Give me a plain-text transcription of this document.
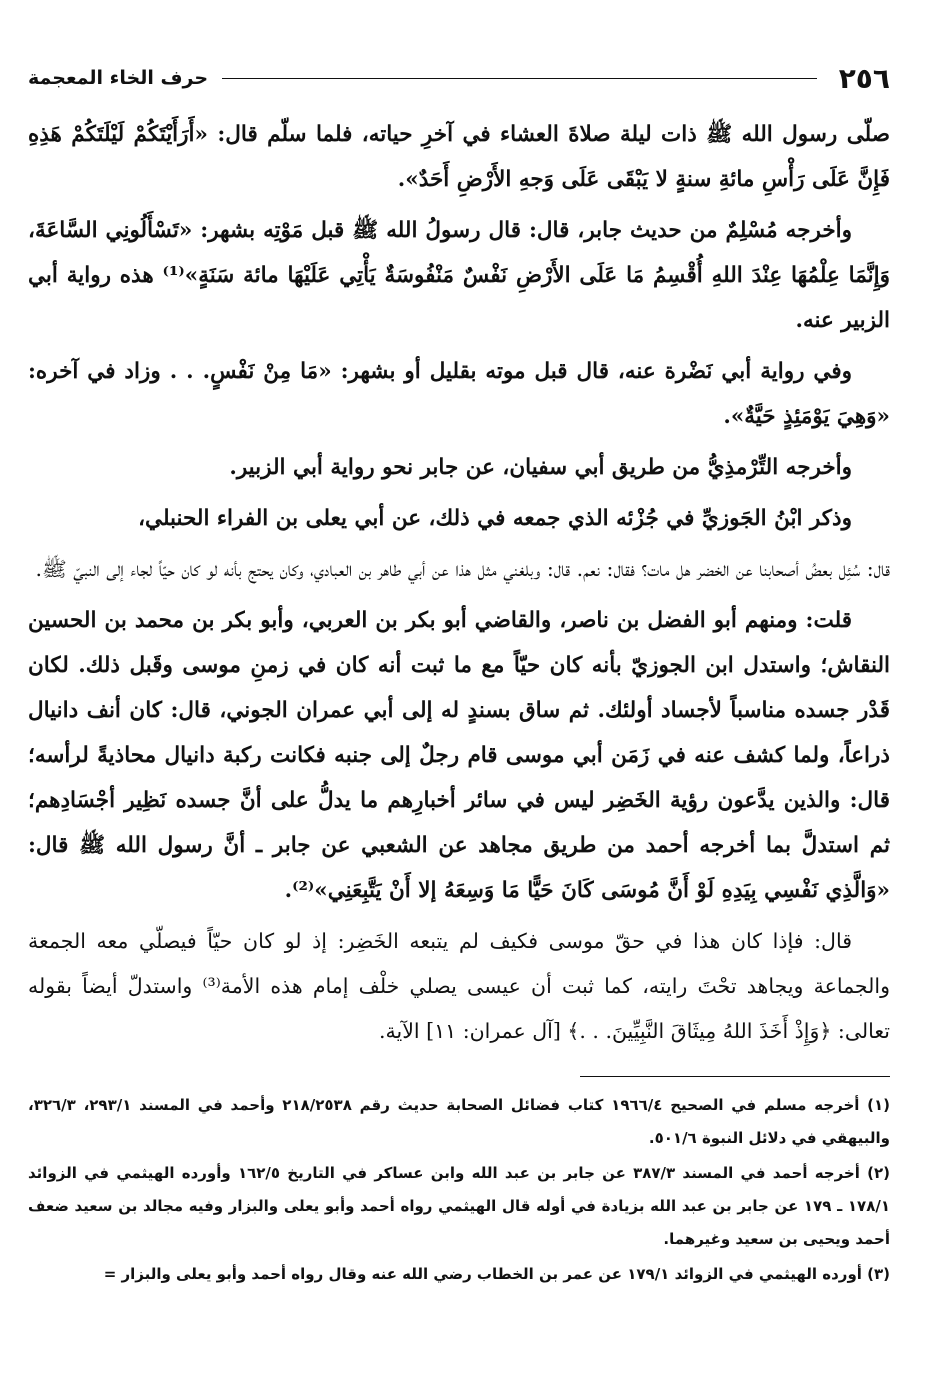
٢٥٦
حرف الخاء المعجمة

صلّى رسول الله ﷺ ذات ليلة صلاةَ العشاء في آخرِ حياته، فلما سلّم قال: «أَرَأَيْتَكُمْ لَيْلَتَكُمْ هَذِهِ فَإِنَّ عَلَى رَأْسِ مائةِ سنةٍ لا يَبْقَى عَلَى وَجهِ الأَرْضِ أَحَدٌ».

وأخرجه مُسْلِمٌ من حديث جابر، قال: قال رسولُ الله ﷺ قبل مَوْتِه بشهر: «تَسْأَلُونِي السَّاعَةَ، وَإِنَّمَا عِلْمُهَا عِنْدَ اللهِ أُقْسِمُ مَا عَلَى الأَرْضِ نَفْسٌ مَنْفُوسَةٌ يَأْتِي عَلَيْهَا مائة سَنَةٍ»⁽¹⁾ هذه رواية أبي الزبير عنه.

وفي رواية أبي نَضْرة عنه، قال قبل موته بقليل أو بشهر: «مَا مِنْ نَفْسٍ. . . وزاد في آخره: «وَهِيَ يَوْمَئِذٍ حَيَّةٌ».

وأخرجه التِّرْمذِيُّ من طريق أبي سفيان، عن جابر نحو رواية أبي الزبير.

وذكر ابْنُ الجَوزيِّ في جُزْئه الذي جمعه في ذلك، عن أبي يعلى بن الفراء الحنبلي،

قال: سُئِل بعضُ أصحابنا عن الخضر هل مات؟ فقال: نعم. قال: وبلغني مثل هذا عن أبي طاهر بن العبادي، وكان يحتج بأنه لو كان حيّاً لجاء إلى النبيّ ﷺ.

قلت: ومنهم أبو الفضل بن ناصر، والقاضي أبو بكر بن العربي، وأبو بكر بن محمد بن الحسين النقاش؛ واستدل ابن الجوزيّ بأنه كان حيّاً مع ما ثبت أنه كان في زمنِ موسى وقَبل ذلك. لكان قَدْر جسده مناسباً لأجساد أولئك. ثم ساق بسندٍ له إلى أبي عمران الجوني، قال: كان أنف دانيال ذراعاً، ولما كشف عنه في زَمَن أبي موسى قام رجلٌ إلى جنبه فكانت ركبة دانيال محاذيةً لرأسه؛ قال: والذين يدَّعون رؤية الخَضِر ليس في سائر أخبارِهم ما يدلُّ على أنَّ جسده نَظِير أجْسَادِهم؛ ثم استدلَّ بما أخرجه أحمد من طريق مجاهد عن الشعبي عن جابر ـ أنَّ رسول الله ﷺ قال: «وَالَّذِي نَفْسِي بِيَدِهِ لَوْ أَنَّ مُوسَى كَانَ حَيًّا مَا وَسِعَهُ إلا أَنْ يَتَّبِعَنِي»⁽²⁾.

قال: فإذا كان هذا في حقّ موسى فكيف لم يتبعه الخَضِر: إذ لو كان حيّاً فيصلّي معه الجمعة والجماعة ويجاهد تحْتَ رايته، كما ثبت أن عيسى يصلي خلْف إمام هذه الأمة⁽³⁾ واستدلّ أيضاً بقوله تعالى: ﴿وَإِذْ أَخَذَ اللهُ مِيثَاقَ النَّبِيِّينَ. . .﴾ [آل عمران: ١١] الآية.

(١) أخرجه مسلم في الصحيح ١٩٦٦/٤ كتاب فضائل الصحابة حديث رقم ٢١٨/٢٥٣٨ وأحمد في المسند ٢٩٣/١، ٣٢٦/٣، والبيهقي في دلائل النبوة ٥٠١/٦.

(٢) أخرجه أحمد في المسند ٣٨٧/٣ عن جابر بن عبد الله وابن عساكر في التاريخ ١٦٢/٥ وأورده الهيثمي في الزوائد ١٧٨/١ ـ ١٧٩ عن جابر بن عبد الله بزيادة في أوله قال الهيثمي رواه أحمد وأبو يعلى والبزار وفيه مجالد بن سعيد ضعف أحمد ويحيى بن سعيد وغيرهما.

(٣) أورده الهيثمي في الزوائد ١٧٩/١ عن عمر بن الخطاب رضي الله عنه وقال رواه أحمد وأبو يعلى والبزار =
